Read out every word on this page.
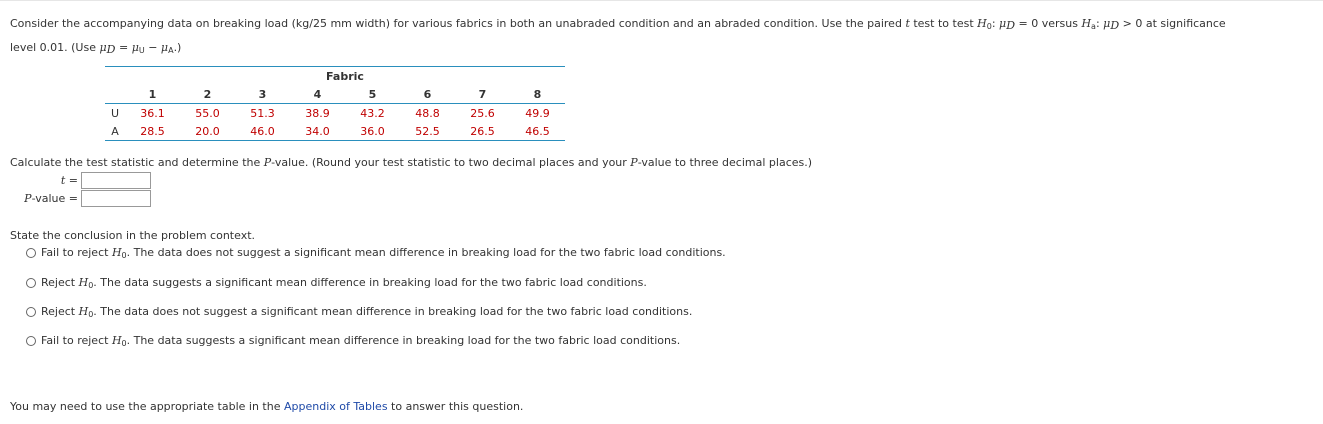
Consider the accompanying data on breaking load (kg/25 mm width) for various fabrics in both an unabraded condition and an abraded condition. Use the paired t test to test $H_0$: $\mu_D = 0$ versus $H_a$: $\mu_D > 0$ at significance
level 0.01. (Use $\mu_D = \mu_U - \mu_A$.)
	Fabric							
	1	2	3	4	5	6	7	8
U	36.1	55.0	51.3	38.9	43.2	48.8	25.6	49.9
A	28.5	20.0	46.0	34.0	36.0	52.5	26.5	46.5
Calculate the test statistic and determine the P-value. (Round your test statistic to two decimal places and your P-value to three decimal places.)
t =
P-value =
State the conclusion in the problem context.
Fail to reject $H_0$. The data does not suggest a significant mean difference in breaking load for the two fabric load conditions.
Reject $H_0$. The data suggests a significant mean difference in breaking load for the two fabric load conditions.
Reject $H_0$. The data does not suggest a significant mean difference in breaking load for the two fabric load conditions.
Fail to reject $H_0$. The data suggests a significant mean difference in breaking load for the two fabric load conditions.
You may need to use the appropriate table in the Appendix of Tables to answer this question.
